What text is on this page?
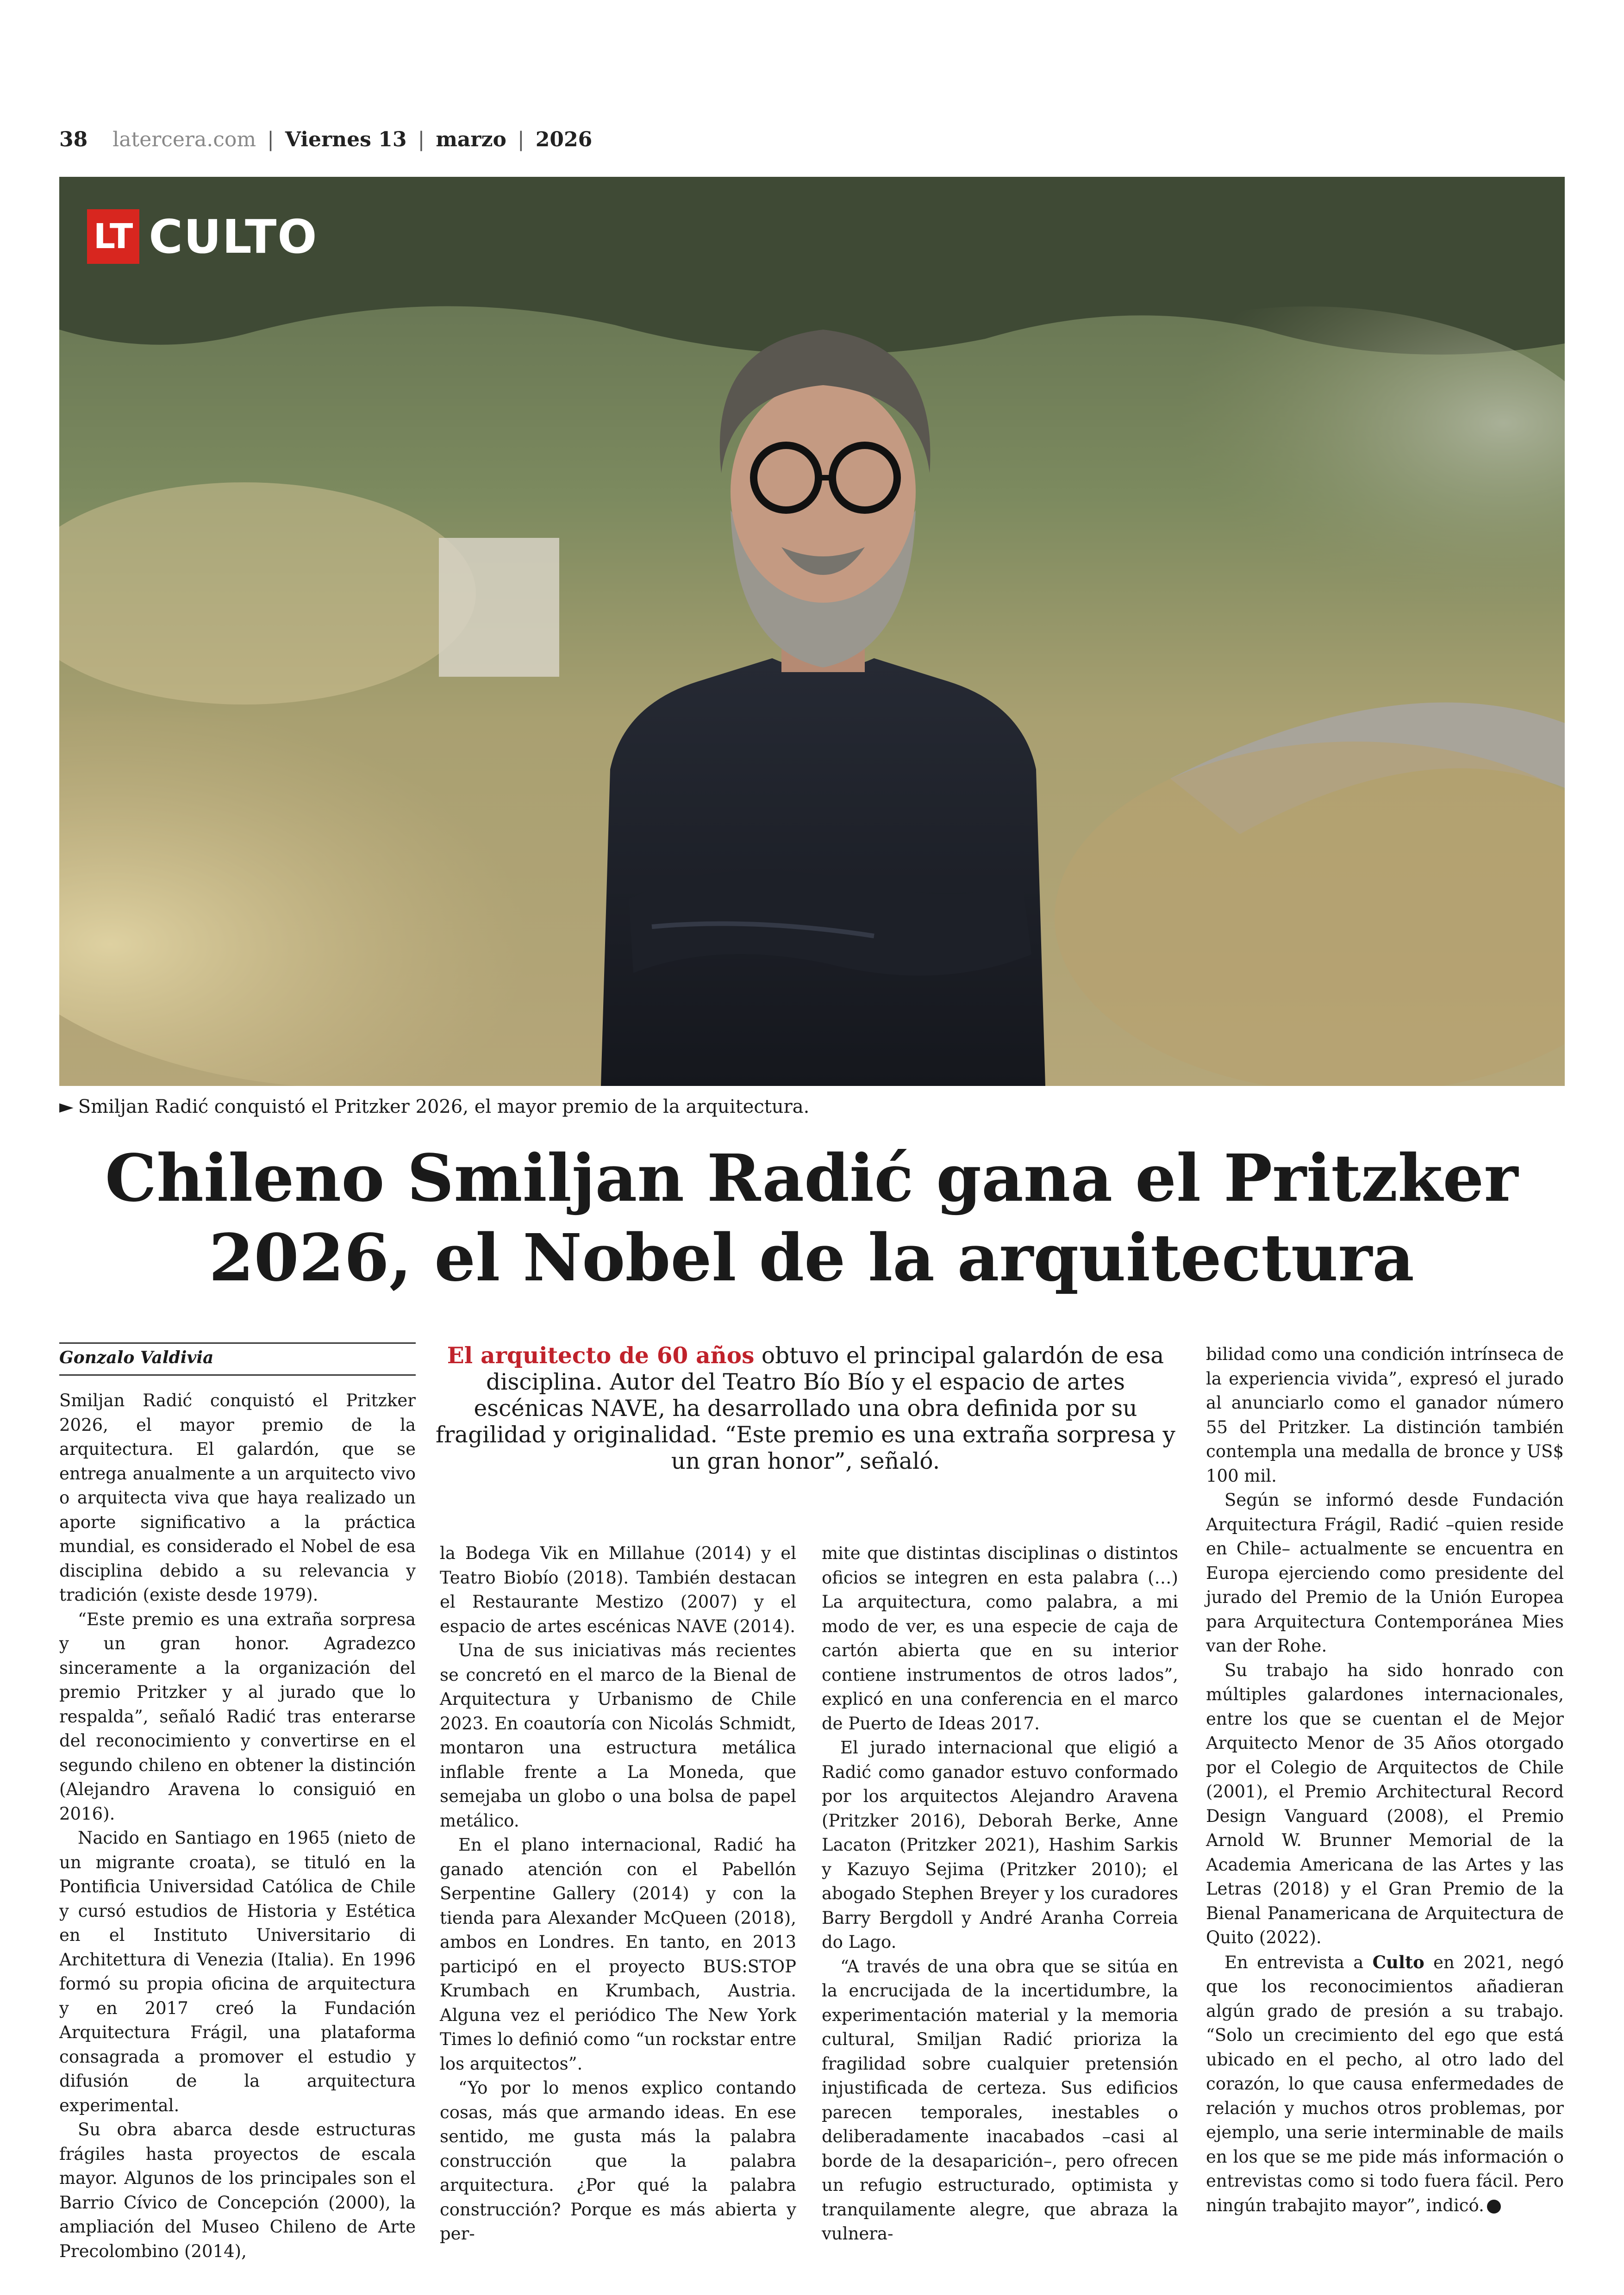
38 latercera.com | Viernes 13 | marzo | 2026
LT CULTO
► Smiljan Radić conquistó el Pritzker 2026, el mayor premio de la arquitectura.
Chileno Smiljan Radić gana el Pritzker
2026, el Nobel de la arquitectura
Gonzalo Valdivia	El arquitecto de 60 años obtuvo el principal galardón de esa disciplina. Autor del Teatro Bío Bío y el espacio de artes escénicas NAVE, ha desarrollado una obra definida por su fragilidad y originalidad. “Este premio es una extraña sorpresa y un gran honor”, señaló.

Smiljan Radić conquistó el Pritzker 2026, el mayor premio de la arquitectura. El galardón, que se entrega anualmente a un arquitecto vivo o arquitecta viva que haya realizado un aporte significativo a la práctica mundial, es considerado el Nobel de esa disciplina debido a su relevancia y tradición (existe desde 1979).

“Este premio es una extraña sorpresa y un gran honor. Agradezco sinceramente a la organización del premio Pritzker y al jurado que lo respalda”, señaló Radić tras enterarse del reconocimiento y convertirse en el segundo chileno en obtener la distinción (Alejandro Aravena lo consiguió en 2016).

Nacido en Santiago en 1965 (nieto de un migrante croata), se tituló en la Pontificia Universidad Católica de Chile y cursó estudios de Historia y Estética en el Instituto Universitario di Architettura di Venezia (Italia). En 1996 formó su propia oficina de arquitectura y en 2017 creó la Fundación Arquitectura Frágil, una plataforma consagrada a promover el estudio y difusión de la arquitectura experimental.

Su obra abarca desde estructuras frágiles hasta proyectos de escala mayor. Algunos de los principales son el Barrio Cívico de Concepción (2000), la ampliación del Museo Chileno de Arte Precolombino (2014),

la Bodega Vik en Millahue (2014) y el Teatro Biobío (2018). También destacan el Restaurante Mestizo (2007) y el espacio de artes escénicas NAVE (2014).

Una de sus iniciativas más recientes se concretó en el marco de la Bienal de Arquitectura y Urbanismo de Chile 2023. En coautoría con Nicolás Schmidt, montaron una estructura metálica inflable frente a La Moneda, que semejaba un globo o una bolsa de papel metálico.

En el plano internacional, Radić ha ganado atención con el Pabellón Serpentine Gallery (2014) y con la tienda para Alexander McQueen (2018), ambos en Londres. En tanto, en 2013 participó en el proyecto BUS:STOP Krumbach en Krumbach, Austria. Alguna vez el periódico The New York Times lo definió como “un rockstar entre los arquitectos”.

“Yo por lo menos explico contando cosas, más que armando ideas. En ese sentido, me gusta más la palabra construcción que la palabra arquitectura. ¿Por qué la palabra construcción? Porque es más abierta y per-

mite que distintas disciplinas o distintos oficios se integren en esta palabra (…) La arquitectura, como palabra, a mi modo de ver, es una especie de caja de cartón abierta que en su interior contiene instrumentos de otros lados”, explicó en una conferencia en el marco de Puerto de Ideas 2017.

El jurado internacional que eligió a Radić como ganador estuvo conformado por los arquitectos Alejandro Aravena (Pritzker 2016), Deborah Berke, Anne Lacaton (Pritzker 2021), Hashim Sarkis y Kazuyo Sejima (Pritzker 2010); el abogado Stephen Breyer y los curadores Barry Bergdoll y André Aranha Correia do Lago.

“A través de una obra que se sitúa en la encrucijada de la incertidumbre, la experimentación material y la memoria cultural, Smiljan Radić prioriza la fragilidad sobre cualquier pretensión injustificada de certeza. Sus edificios parecen temporales, inestables o deliberadamente inacabados –casi al borde de la desaparición–, pero ofrecen un refugio estructurado, optimista y tranquilamente alegre, que abraza la vulnera-

bilidad como una condición intrínseca de la experiencia vivida”, expresó el jurado al anunciarlo como el ganador número 55 del Pritzker. La distinción también contempla una medalla de bronce y US$ 100 mil.

Según se informó desde Fundación Arquitectura Frágil, Radić –quien reside en Chile– actualmente se encuentra en Europa ejerciendo como presidente del jurado del Premio de la Unión Europea para Arquitectura Contemporánea Mies van der Rohe.

Su trabajo ha sido honrado con múltiples galardones internacionales, entre los que se cuentan el de Mejor Arquitecto Menor de 35 Años otorgado por el Colegio de Arquitectos de Chile (2001), el Premio Architectural Record Design Vanguard (2008), el Premio Arnold W. Brunner Memorial de la Academia Americana de las Artes y las Letras (2018) y el Gran Premio de la Bienal Panamericana de Arquitectura de Quito (2022).

En entrevista a Culto en 2021, negó que los reconocimientos añadieran algún grado de presión a su trabajo. “Solo un crecimiento del ego que está ubicado en el pecho, al otro lado del corazón, lo que causa enfermedades de relación y muchos otros problemas, por ejemplo, una serie interminable de mails en los que se me pide más información o entrevistas como si todo fuera fácil. Pero ningún trabajito mayor”, indicó.
